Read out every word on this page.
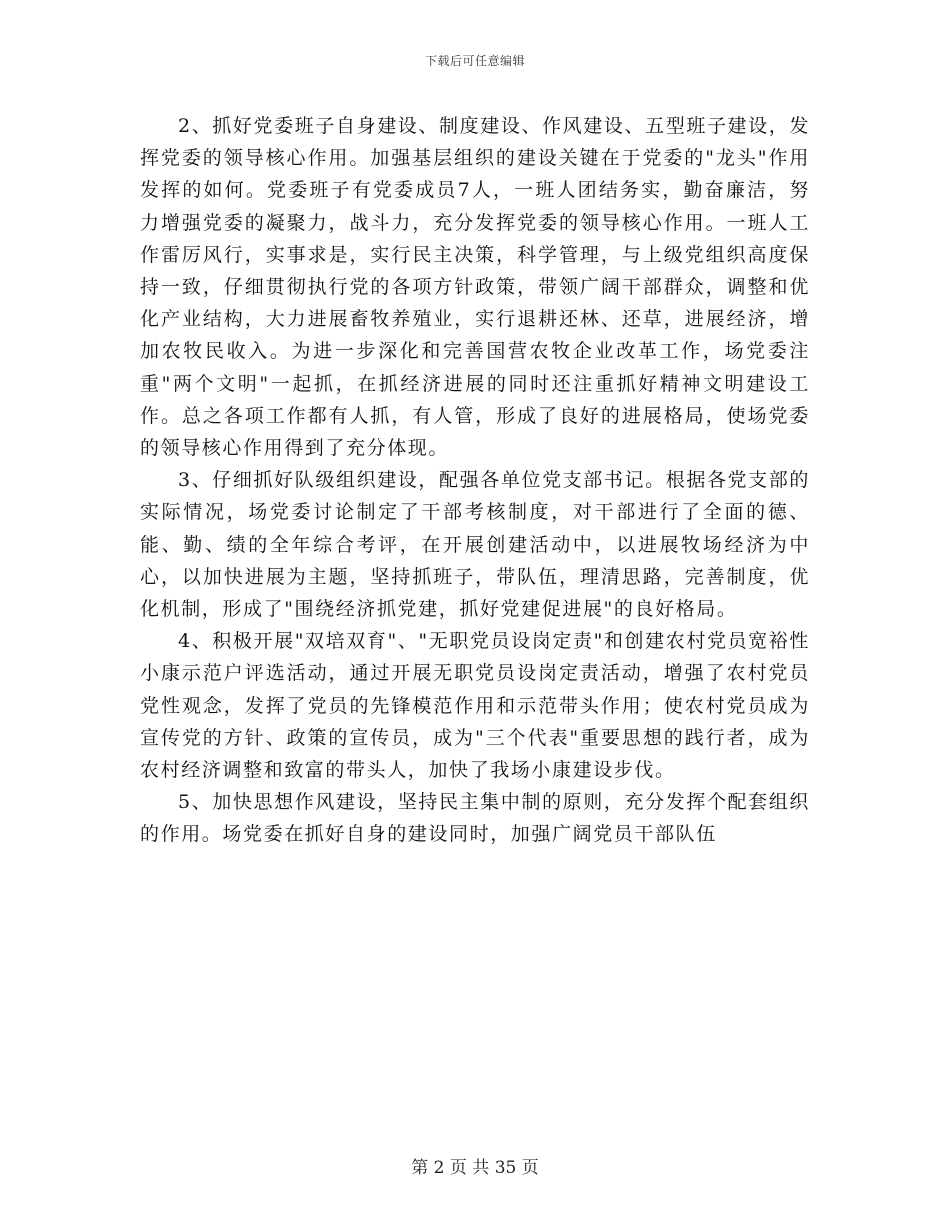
下载后可任意编辑

2、抓好党委班子自身建设、制度建设、作风建设、五型班子建设，发挥党委的领导核心作用。加强基层组织的建设关键在于党委的"龙头"作用发挥的如何。党委班子有党委成员7人，一班人团结务实，勤奋廉洁，努力增强党委的凝聚力，战斗力，充分发挥党委的领导核心作用。一班人工作雷厉风行，实事求是，实行民主决策，科学管理，与上级党组织高度保持一致，仔细贯彻执行党的各项方针政策，带领广阔干部群众，调整和优化产业结构，大力进展畜牧养殖业，实行退耕还林、还草，进展经济，增加农牧民收入。为进一步深化和完善国营农牧企业改革工作，场党委注重"两个文明"一起抓，在抓经济进展的同时还注重抓好精神文明建设工作。总之各项工作都有人抓，有人管，形成了良好的进展格局，使场党委的领导核心作用得到了充分体现。

3、仔细抓好队级组织建设，配强各单位党支部书记。根据各党支部的实际情况，场党委讨论制定了干部考核制度，对干部进行了全面的德、能、勤、绩的全年综合考评，在开展创建活动中，以进展牧场经济为中心，以加快进展为主题，坚持抓班子，带队伍，理清思路，完善制度，优化机制，形成了"围绕经济抓党建，抓好党建促进展"的良好格局。

4、积极开展"双培双育"、"无职党员设岗定责"和创建农村党员宽裕性小康示范户评选活动，通过开展无职党员设岗定责活动，增强了农村党员党性观念，发挥了党员的先锋模范作用和示范带头作用；使农村党员成为宣传党的方针、政策的宣传员，成为"三个代表"重要思想的践行者，成为农村经济调整和致富的带头人，加快了我场小康建设步伐。

5、加快思想作风建设，坚持民主集中制的原则，充分发挥个配套组织的作用。场党委在抓好自身的建设同时，加强广阔党员干部队伍

第 2 页 共 35 页
